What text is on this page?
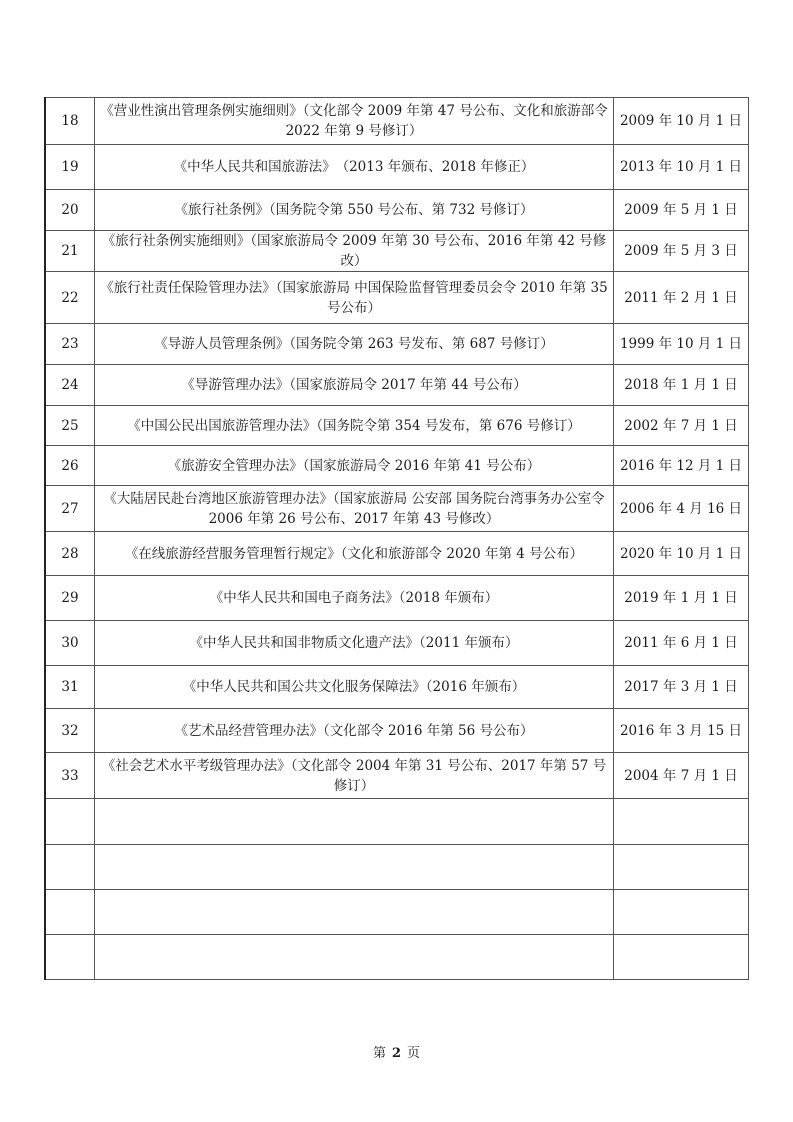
18	《营业性演出管理条例实施细则》（文化部令 2009 年第 47 号公布、文化和旅游部令 2022 年第 9 号修订）	2009 年 10 月 1 日
19	《中华人民共和国旅游法》　（2013 年颁布、2018 年修正）	2013 年 10 月 1 日
20	《旅行社条例》（国务院令第 550 号公布、第 732 号修订）	2009 年 5 月 1 日
21	《旅行社条例实施细则》（国家旅游局令 2009 年第 30 号公布、2016 年第 42 号修改）	2009 年 5 月 3 日
22	《旅行社责任保险管理办法》（国家旅游局 中国保险监督管理委员会令 2010 年第 35 号公布）	2011 年 2 月 1 日
23	《导游人员管理条例》（国务院令第 263 号发布、第 687 号修订）	1999 年 10 月 1 日
24	《导游管理办法》（国家旅游局令 2017 年第 44 号公布）	2018 年 1 月 1 日
25	《中国公民出国旅游管理办法》（国务院令第 354 号发布，第 676 号修订）	2002 年 7 月 1 日
26	《旅游安全管理办法》（国家旅游局令 2016 年第 41 号公布）	2016 年 12 月 1 日
27	《大陆居民赴台湾地区旅游管理办法》（国家旅游局 公安部 国务院台湾事务办公室令 2006 年第 26 号公布、2017 年第 43 号修改）	2006 年 4 月 16 日
28	《在线旅游经营服务管理暂行规定》（文化和旅游部令 2020 年第 4 号公布）	2020 年 10 月 1 日
29	《中华人民共和国电子商务法》（2018 年颁布）	2019 年 1 月 1 日
30	《中华人民共和国非物质文化遗产法》（2011 年颁布）	2011 年 6 月 1 日
31	《中华人民共和国公共文化服务保障法》（2016 年颁布）	2017 年 3 月 1 日
32	《艺术品经营管理办法》（文化部令 2016 年第 56 号公布）	2016 年 3 月 15 日
33	《社会艺术水平考级管理办法》（文化部令 2004 年第 31 号公布、2017 年第 57 号修订）	2004 年 7 月 1 日

第 2 页
